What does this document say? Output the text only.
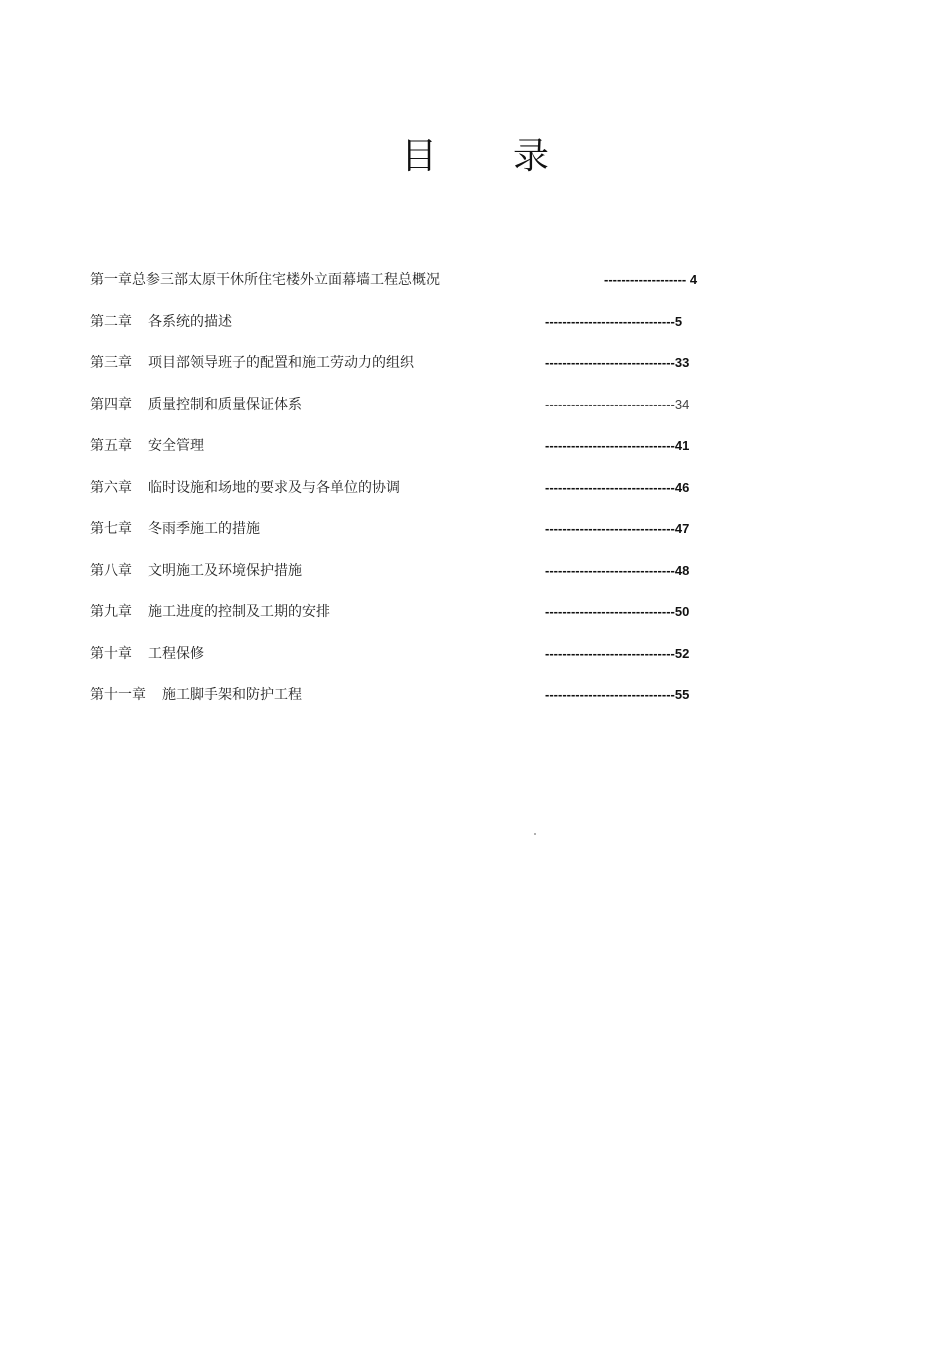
目 录
第一章总参三部太原干休所住宅楼外立面幕墙工程总概况	------------------- 4
第二章 各系统的描述	------------------------------5
第三章 项目部领导班子的配置和施工劳动力的组织	------------------------------33
第四章 质量控制和质量保证体系	------------------------------34
第五章 安全管理	------------------------------41
第六章 临时设施和场地的要求及与各单位的协调	------------------------------46
第七章 冬雨季施工的措施	------------------------------47
第八章 文明施工及环境保护措施	------------------------------48
第九章 施工进度的控制及工期的安排	------------------------------50
第十章 工程保修	------------------------------52
第十一章 施工脚手架和防护工程	------------------------------55
